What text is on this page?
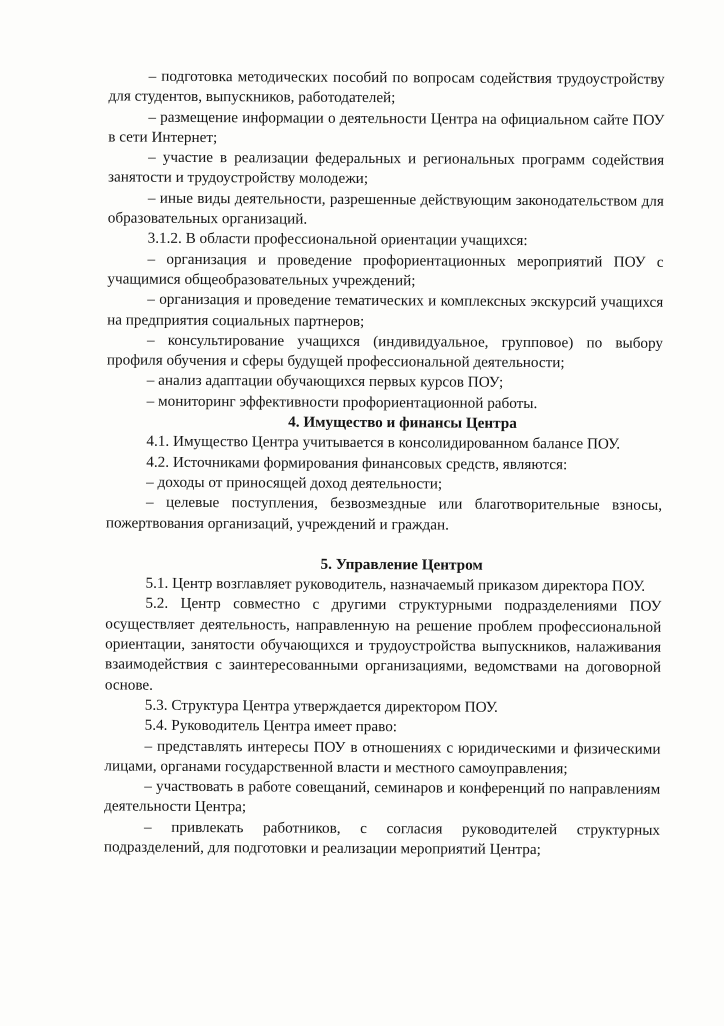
– подготовка методических пособий по вопросам содействия трудоустройству для студентов, выпускников, работодателей;

– размещение информации о деятельности Центра на официальном сайте ПОУ в сети Интернет;

– участие в реализации федеральных и региональных программ содействия занятости и трудоустройству молодежи;

– иные виды деятельности, разрешенные действующим законодательством для образовательных организаций.

3.1.2. В области профессиональной ориентации учащихся:

– организация и проведение профориентационных мероприятий ПОУ с учащимися общеобразовательных учреждений;

– организация и проведение тематических и комплексных экскурсий учащихся на предприятия социальных партнеров;

– консультирование учащихся (индивидуальное, групповое) по выбору профиля обучения и сферы будущей профессиональной деятельности;

– анализ адаптации обучающихся первых курсов ПОУ;

– мониторинг эффективности профориентационной работы.

4. Имущество и финансы Центра

4.1. Имущество Центра учитывается в консолидированном балансе ПОУ.

4.2. Источниками формирования финансовых средств, являются:

– доходы от приносящей доход деятельности;

– целевые поступления, безвозмездные или благотворительные взносы, пожертвования организаций, учреждений и граждан.

5. Управление Центром

5.1. Центр возглавляет руководитель, назначаемый приказом директора ПОУ.

5.2. Центр совместно с другими структурными подразделениями ПОУ осуществляет деятельность, направленную на решение проблем профессиональной ориентации, занятости обучающихся и трудоустройства выпускников, налаживания взаимодействия с заинтересованными организациями, ведомствами на договорной основе.

5.3. Структура Центра утверждается директором ПОУ.

5.4. Руководитель Центра имеет право:

– представлять интересы ПОУ в отношениях с юридическими и физическими лицами, органами государственной власти и местного самоуправления;

– участвовать в работе совещаний, семинаров и конференций по направлениям деятельности Центра;

– привлекать работников, с согласия руководителей структурных подразделений, для подготовки и реализации мероприятий Центра;
